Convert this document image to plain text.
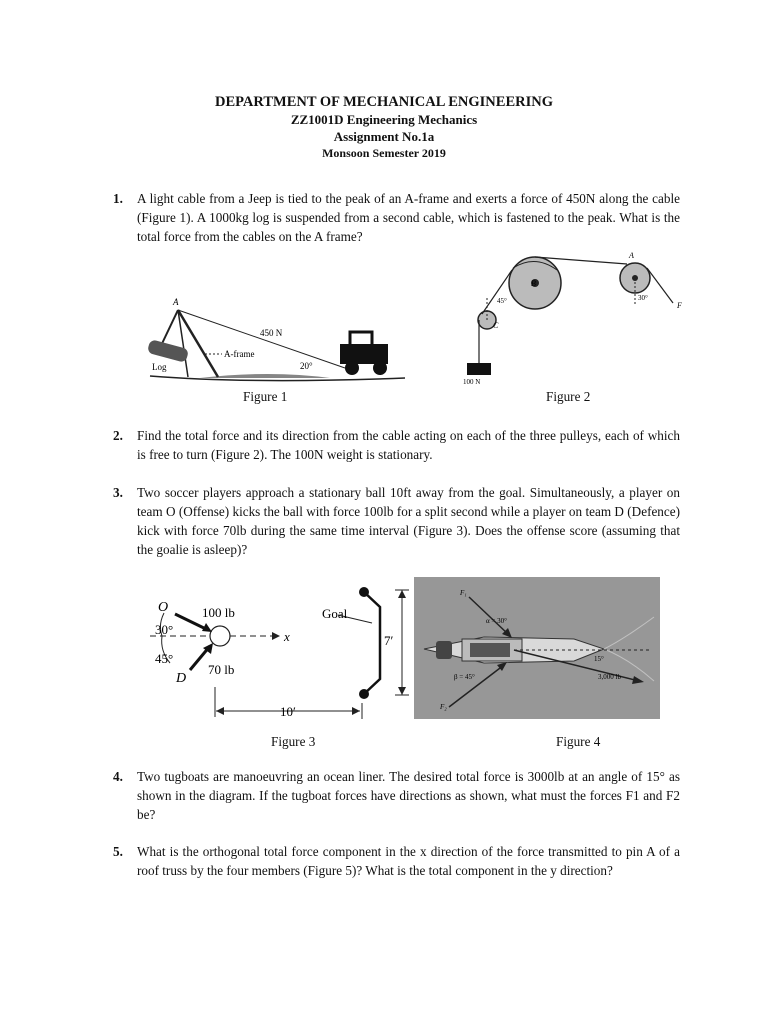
DEPARTMENT OF MECHANICAL ENGINEERING
ZZ1001D Engineering Mechanics
Assignment No.1a
Monsoon Semester 2019
1. A light cable from a Jeep is tied to the peak of an A-frame and exerts a force of 450N along the cable (Figure 1). A 1000kg log is suspended from a second cable, which is fastened to the peak. What is the total force from the cables on the A frame?
A
450 N
A-frame
Log	20°
Figure 1
A
B
C
45°	30°
F
100 N
Figure 2
2. Find the total force and its direction from the cable acting on each of the three pulleys, each of which is free to turn (Figure 2). The 100N weight is stationary.
3. Two soccer players approach a stationary ball 10ft away from the goal. Simultaneously, a player on team O (Offense) kicks the ball with force 100lb for a split second while a player on team D (Defence) kick with force 70lb during the same time interval (Figure 3). Does the offense score (assuming that the goalie is asleep)?
O	100 lb
30°	x
45°
D
70 lb
Goal
7′
10′
Figure 3
F₁
α = 30°
15°
3,000 lb
β = 45°
F₂
Figure 4
4. Two tugboats are manoeuvring an ocean liner. The desired total force is 3000lb at an angle of 15° as shown in the diagram. If the tugboat forces have directions as shown, what must the forces F1 and F2 be?
5. What is the orthogonal total force component in the x direction of the force transmitted to pin A of a roof truss by the four members (Figure 5)? What is the total component in the y direction?
